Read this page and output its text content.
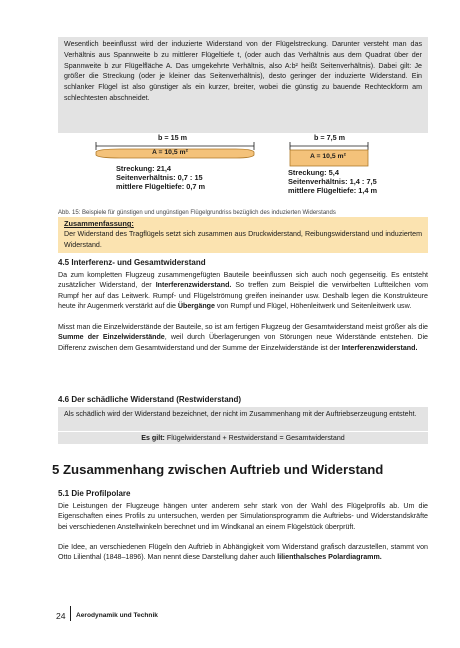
Wesentlich beeinflusst wird der induzierte Widerstand von der Flügelstreckung. Darunter versteht man das Verhältnis aus Spannweite b zu mittlerer Flügeltiefe t, (oder auch das Verhältnis aus dem Quadrat über der Spannweite b zur Flügelfläche A. Das umgekehrte Verhältnis, also A:b² heißt Seitenverhältnis). Dabei gilt: Je größer die Streckung (oder je kleiner das Seitenverhältnis), desto geringer der induzierte Widerstand. Ein schlanker Flügel ist also günstiger als ein kurzer, breiter, wobei die günstig zu bauende Rechteckform am schlechtesten abschneidet.

b = 15 m
A = 10,5 m²
b = 7,5 m
A = 10,5 m²
Streckung: 21,4
Seitenverhältnis: 0,7 : 15
mittlere Flügeltiefe: 0,7 m
Streckung: 5,4
Seitenverhältnis: 1,4 : 7,5
mittlere Flügeltiefe: 1,4 m
Abb. 15: Beispiele für günstigen und ungünstigen Flügelgrundriss bezüglich des induzierten Widerstands
Zusammenfassung:
Der Widerstand des Tragflügels setzt sich zusammen aus Druckwiderstand, Reibungswiderstand und induziertem Widerstand.
4.5 Interferenz- und Gesamtwiderstand

Da zum kompletten Flugzeug zusammengefügten Bauteile beeinflussen sich auch noch gegenseitig. Es entsteht zusätzlicher Widerstand, der Interferenzwiderstand. So treffen zum Beispiel die verwirbelten Luftteilchen vom Rumpf her auf das Leitwerk. Rumpf- und Flügelströmung greifen ineinander usw. Deshalb legen die Konstrukteure heute ihr Augenmerk verstärkt auf die Übergänge von Rumpf und Flügel, Höhenleitwerk und Seitenleitwerk usw.

Misst man die Einzelwiderstände der Bauteile, so ist am fertigen Flugzeug der Gesamtwiderstand meist größer als die Summe der Einzelwiderstände, weil durch Überlagerungen von Störungen neue Widerstände entstehen. Die Differenz zwischen dem Gesamtwiderstand und der Summe der Einzelwiderstände ist der Interferenzwiderstand.

4.6 Der schädliche Widerstand (Restwiderstand)

Als schädlich wird der Widerstand bezeichnet, der nicht im Zusammenhang mit der Auftriebserzeugung entsteht.

Es gilt: Flügelwiderstand + Restwiderstand = Gesamtwiderstand
5 Zusammenhang zwischen Auftrieb und Widerstand
5.1 Die Profilpolare

Die Leistungen der Flugzeuge hängen unter anderem sehr stark von der Wahl des Flügelprofils ab. Um die Eigenschaften eines Profils zu untersuchen, werden per Simulationsprogramm die Auftriebs- und Widerstandskräfte bei verschiedenen Anstellwinkeln berechnet und im Windkanal an einem Flügelstück überprüft.

Die Idee, an verschiedenen Flügeln den Auftrieb in Abhängigkeit vom Widerstand grafisch darzustellen, stammt von Otto Lilienthal (1848–1896). Man nennt diese Darstellung daher auch lilienthalsches Polardiagramm.

24 Aerodynamik und Technik
